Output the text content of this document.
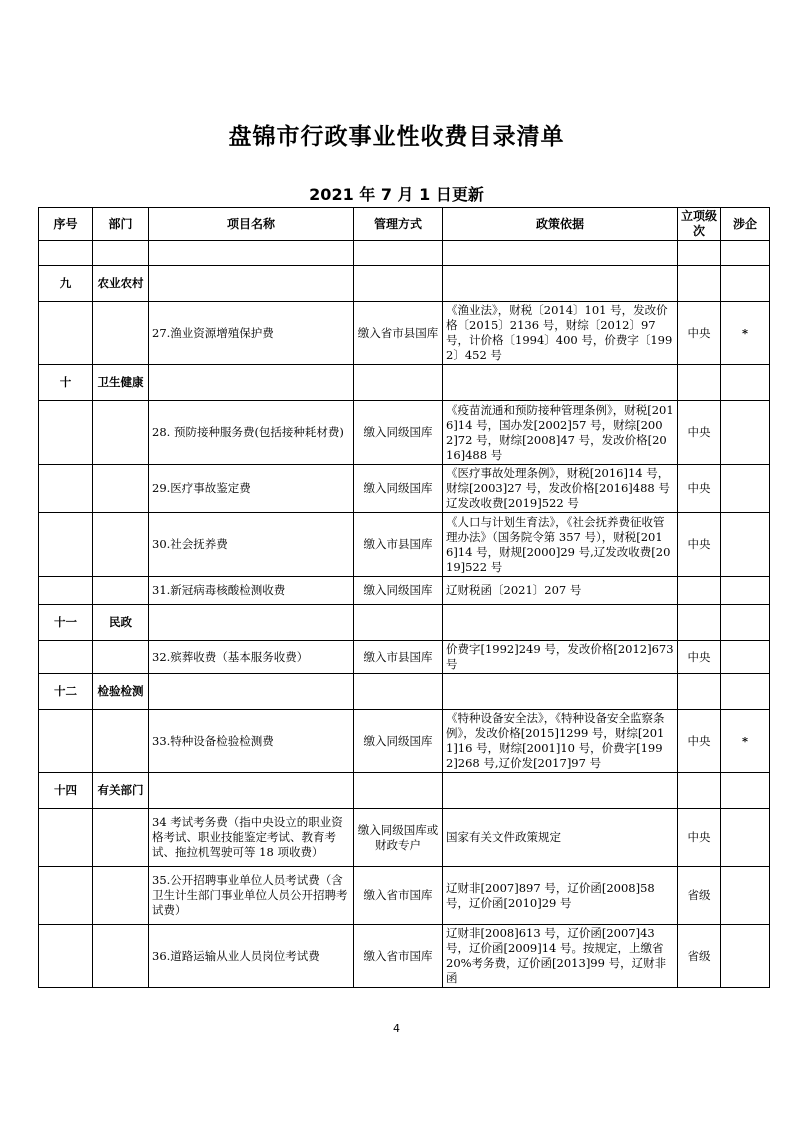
盘锦市行政事业性收费目录清单
2021 年 7 月 1 日更新
序号	部门	项目名称	管理方式	政策依据	立项级次	涉企

九	农业农村					
		27.渔业资源增殖保护费	缴入省市县国库	《渔业法》，财税〔2014〕101 号，发改价格〔2015〕2136 号，财综〔2012〕97 号，计价格〔1994〕400 号，价费字〔1992〕452 号	中央	*
十	卫生健康					
		28. 预防接种服务费(包括接种耗材费)	缴入同级国库	《疫苗流通和预防接种管理条例》，财税[2016]14 号，国办发[2002]57 号，财综[2002]72 号，财综[2008]47 号，发改价格[2016]488 号	中央	
		29.医疗事故鉴定费	缴入同级国库	《医疗事故处理条例》，财税[2016]14 号，财综[2003]27 号，发改价格[2016]488 号辽发改收费[2019]522 号	中央	
		30.社会抚养费	缴入市县国库	《人口与计划生育法》，《社会抚养费征收管理办法》（国务院令第 357 号），财税[2016]14 号，财规[2000]29 号,辽发改收费[2019]522 号	中央	
		31.新冠病毒核酸检测收费	缴入同级国库	辽财税函〔2021〕207 号		
十一	民政					
		32.殡葬收费（基本服务收费）	缴入市县国库	价费字[1992]249 号，发改价格[2012]673 号	中央	
十二	检验检测					
		33.特种设备检验检测费	缴入同级国库	《特种设备安全法》，《特种设备安全监察条例》，发改价格[2015]1299 号，财综[2011]16 号，财综[2001]10 号，价费字[1992]268 号,辽价发[2017]97 号	中央	*
十四	有关部门					
		34 考试考务费（指中央设立的职业资格考试、职业技能鉴定考试、教育考试、拖拉机驾驶可等 18 项收费）	缴入同级国库或财政专户	国家有关文件政策规定	中央	
		35.公开招聘事业单位人员考试费（含卫生计生部门事业单位人员公开招聘考试费）	缴入省市国库	辽财非[2007]897 号，辽价函[2008]58 号，辽价函[2010]29 号	省级	
		36.道路运输从业人员岗位考试费	缴入省市国库	辽财非[2008]613 号，辽价函[2007]43 号，辽价函[2009]14 号。按规定，上缴省 20%考务费，辽价函[2013]99 号，辽财非函	省级	
4
